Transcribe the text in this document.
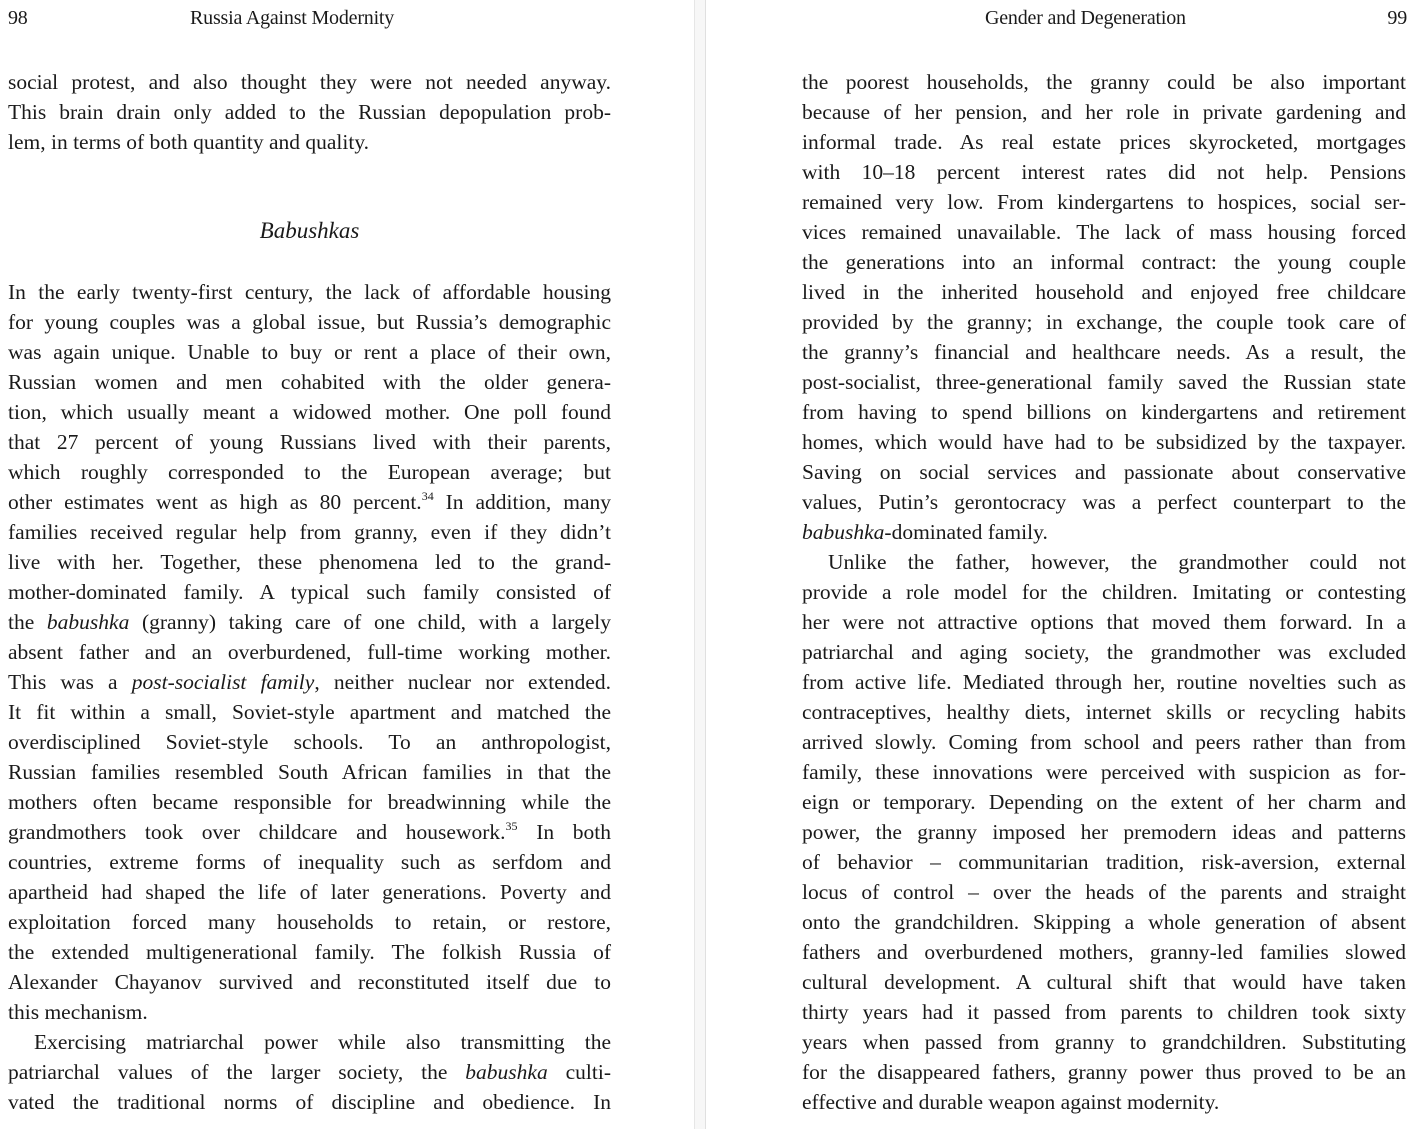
98	Russia Against Modernity
social protest, and also thought they were not needed anyway.
This brain drain only added to the Russian depopulation prob-
lem, in terms of both quantity and quality.
Babushkas
In the early twenty-first century, the lack of affordable housing
for young couples was a global issue, but Russia’s demographic
was again unique. Unable to buy or rent a place of their own,
Russian women and men cohabited with the older genera-
tion, which usually meant a widowed mother. One poll found
that 27 percent of young Russians lived with their parents,
which roughly corresponded to the European average; but
other estimates went as high as 80 percent.$^{34}$ In addition, many
families received regular help from granny, even if they didn’t
live with her. Together, these phenomena led to the grand-
mother-dominated family. A typical such family consisted of
the babushka (granny) taking care of one child, with a largely
absent father and an overburdened, full-time working mother.
This was a post-socialist family, neither nuclear nor extended.
It fit within a small, Soviet-style apartment and matched the
overdisciplined Soviet-style schools. To an anthropologist,
Russian families resembled South African families in that the
mothers often became responsible for breadwinning while the
grandmothers took over childcare and housework.$^{35}$ In both
countries, extreme forms of inequality such as serfdom and
apartheid had shaped the life of later generations. Poverty and
exploitation forced many households to retain, or restore,
the extended multigenerational family. The folkish Russia of
Alexander Chayanov survived and reconstituted itself due to
this mechanism.
Exercising matriarchal power while also transmitting the
patriarchal values of the larger society, the babushka culti-
vated the traditional norms of discipline and obedience. In
Gender and Degeneration	99
the poorest households, the granny could be also important
because of her pension, and her role in private gardening and
informal trade. As real estate prices skyrocketed, mortgages
with 10–18 percent interest rates did not help. Pensions
remained very low. From kindergartens to hospices, social ser-
vices remained unavailable. The lack of mass housing forced
the generations into an informal contract: the young couple
lived in the inherited household and enjoyed free childcare
provided by the granny; in exchange, the couple took care of
the granny’s financial and healthcare needs. As a result, the
post-socialist, three-generational family saved the Russian state
from having to spend billions on kindergartens and retirement
homes, which would have had to be subsidized by the taxpayer.
Saving on social services and passionate about conservative
values, Putin’s gerontocracy was a perfect counterpart to the
babushka-dominated family.
Unlike the father, however, the grandmother could not
provide a role model for the children. Imitating or contesting
her were not attractive options that moved them forward. In a
patriarchal and aging society, the grandmother was excluded
from active life. Mediated through her, routine novelties such as
contraceptives, healthy diets, internet skills or recycling habits
arrived slowly. Coming from school and peers rather than from
family, these innovations were perceived with suspicion as for-
eign or temporary. Depending on the extent of her charm and
power, the granny imposed her premodern ideas and patterns
of behavior – communitarian tradition, risk-aversion, external
locus of control – over the heads of the parents and straight
onto the grandchildren. Skipping a whole generation of absent
fathers and overburdened mothers, granny-led families slowed
cultural development. A cultural shift that would have taken
thirty years had it passed from parents to children took sixty
years when passed from granny to grandchildren. Substituting
for the disappeared fathers, granny power thus proved to be an
effective and durable weapon against modernity.
